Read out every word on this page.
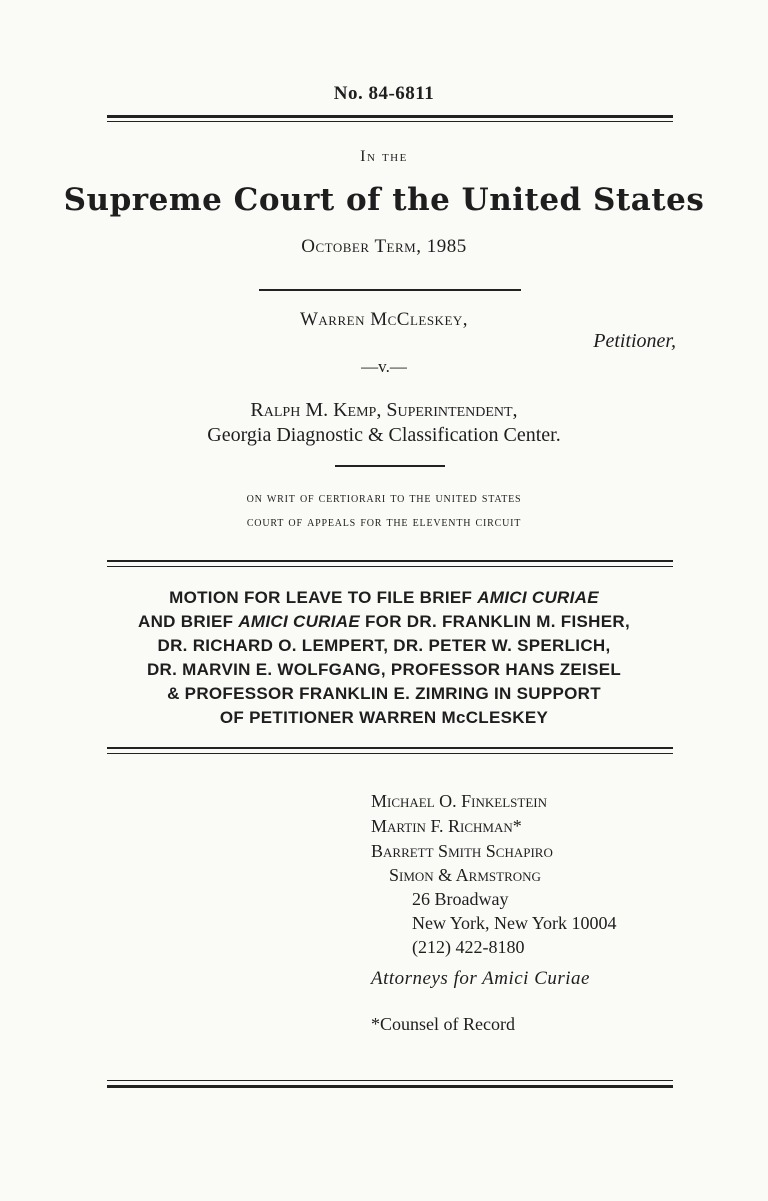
No. 84-6811
In the
Supreme Court of the United States
October Term, 1985
Warren McCleskey,
Petitioner,
—v.—
Ralph M. Kemp, Superintendent,
Georgia Diagnostic & Classification Center.
on writ of certiorari to the united states
court of appeals for the eleventh circuit
MOTION FOR LEAVE TO FILE BRIEF AMICI CURIAE
AND BRIEF AMICI CURIAE FOR DR. FRANKLIN M. FISHER,
DR. RICHARD O. LEMPERT, DR. PETER W. SPERLICH,
DR. MARVIN E. WOLFGANG, PROFESSOR HANS ZEISEL
& PROFESSOR FRANKLIN E. ZIMRING IN SUPPORT
OF PETITIONER WARREN McCLESKEY
Michael O. Finkelstein
Martin F. Richman*
Barrett Smith Schapiro
Simon & Armstrong
26 Broadway
New York, New York 10004
(212) 422-8180
Attorneys for Amici Curiae
*Counsel of Record
